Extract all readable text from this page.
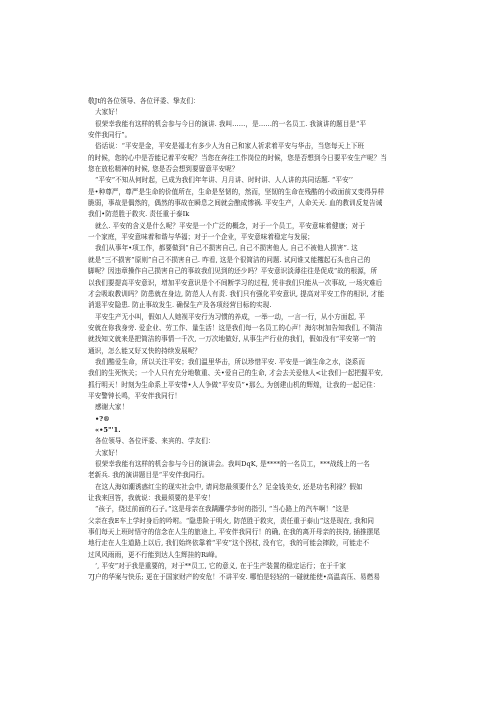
敬Jt的各位领导、各位评委、挚友们：
大家好！
很荣幸我能有这样的机会参与今日的演讲. 我叫……，是……的一名员工. 我演讲的题目是“平
安伴我同行”。
俗话说：“平安是金，平安是福北有多少人为自己和家人祈求着平安与华击，当您每天上下班
的时候，您的心中是否能记着平安呢？当您在奔往工作岗位的时候，您是否想到今日要平安生产呢？当
您在放松精神的时候, 您是否会想到要留意平安呢？
“平安”不知从何时起，已成为我们年年讲、月月讲、时时讲、人人讲的共同话题. “平安’’
是•种尊严，尊严是生命的价值所在，生命是坚韧的，然而，坚韧的生命在残酷的小政面前又变得异样
脆弱，事故是偶然的，偶然的事故在瞬息之间就会酿成惨祸. 平安生产，人命关天. 血的教训反复告诫
我们•防范胜于救灾. 责任重于泰Ik
就么. 平安的含义是什么呢？平安是一个广泛的概念，对于一个员工，平安意味着健康；对于
一个家庭，平安意味着和谐与华福；对于一个企业，平安意味着稳定与发展；
我们从事年•项工作，都要做到“自己不损害自己, 自己不损害他人, 自己不被他人损害”. 这
就是“三不损害”原则”自己不损害自己. 咋看, 这是个很简洁的问题. 试问谁又能攫起石头也自己的
脚呢？因违章操作自己损害自己的事故我们见到的还少吗？平安意识淡薄往往是促成“故的根源，所
以我们要提高平安意识，增加平安意识是个不间断学习的过程, 凭非我们只能从一次事故, 一场灾难后
才会吸取教训吗？防患就在身边, 防范人人有责. 我们只有强化平安意识, 提高对平安工作的相识, 才能
消退平安隐患. 防止事故发生. 确保生产及各项经营目标的实现.
平安生产无小叫，假如人人她视平安行为习惯的养成，一举一动，一言一行，从小方面起, 平
安就在你我身旁. 爱企业、劳工作、量生活！这是我们每一名员工的心声！海尔树加告知我们, 不简洁
就找知文就来是把简洁的事情一千次, 一万次地做好, 从事生产行业的我们，假如没有“平安第一”的
通识，怎么能又好又快的持续发展呢？
我们酷爱生命，所以关注平安；我们温里华击，所以珍惜平安. 平安是一滴生命之水，浇系而
我们的生死恢关；一个人只有充分地敬重、关•爱自己的生命, 才会去关爱他人<让我们一起把握平安,
抓行明天！时刻为生命系上平安带•人人争做“平安员”•那么, 为创建山机的辉煌，让我的一起记住：
平安警钟长鸣，平安伴我同行！
感谢大家！
•?®
«•5"'1.
各位领导、各位评委、来宾的、学友们：
大家好！
很荣幸我能有这样的机会参与今日的演讲会。我叫DqK, 是****的一名员工，***战线上的一名
老新兵. 我的演讲题目是“平安伴我同行。
在这人海如潮诱惑红尘的现实社会中, 请问您最须要什么？足金钱美女, 还是功名利禄？假如
让我来回答，我就说：我最须要的是平安！
“孩子，绕过前面的石子。”这是母亲在我蹒跚学步时的指引, “当心路上的汽车啊！”这是
父亲在我E车上学时身后的吟咐。“隐患险于明火, 防范胜于救灾，责任重于泰山”这是现在, 我和同
事们每天上班时悟守的信念在人生的旅途上, 平安伴我同行！的确, 在我的离开母亲的扶持, 插推摆尾
地行走在人生道路上以后, 我们始终依靠着“平安”这个拐杖, 没有它，我的可能会摔跤，可能走不
过风风雨雨，更不行能到达人生辉挂的Ri峰。
‘, 平安”对于我是重要的，对于**员工, 它的意义, 在于生产装置的稳定运行；在于千家
7J户的华案与快乐; 更在于国家财产的安危！不讲平安. 哪怕是轻轻的一碰就能使•高温高压、易燃易
